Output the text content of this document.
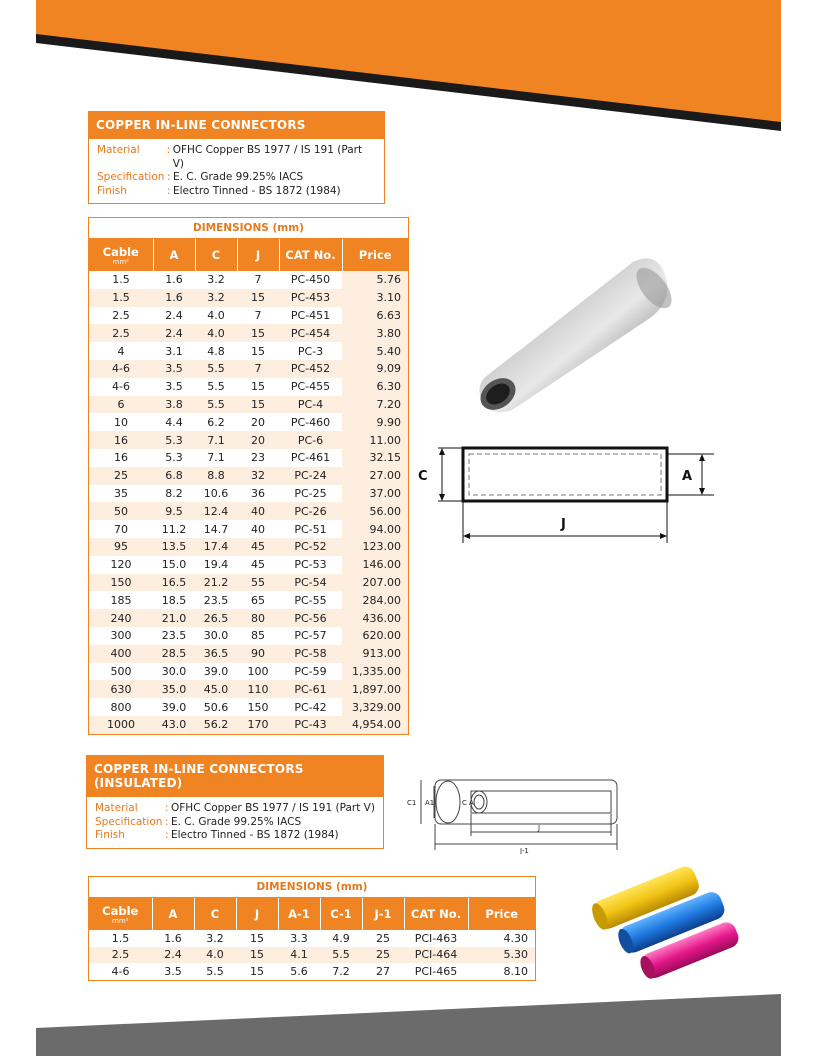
COPPER IN-LINE CONNECTORS
Material	: OFHC Copper BS 1977 / IS 191 (Part V)
Specification : E. C. Grade 99.25% IACS
Finish	: Electro Tinned - BS 1872 (1984)
DIMENSIONS (mm)
Cable
mm²	A	C	J	CAT No.	Price
1.5	1.6	3.2	7	PC-450	5.76
1.5	1.6	3.2	15	PC-453	3.10
2.5	2.4	4.0	7	PC-451	6.63
2.5	2.4	4.0	15	PC-454	3.80
4	3.1	4.8	15	PC-3	5.40
4-6	3.5	5.5	7	PC-452	9.09
4-6	3.5	5.5	15	PC-455	6.30
6	3.8	5.5	15	PC-4	7.20
10	4.4	6.2	20	PC-460	9.90
16	5.3	7.1	20	PC-6	11.00
16	5.3	7.1	23	PC-461	32.15
25	6.8	8.8	32	PC-24	27.00
35	8.2	10.6	36	PC-25	37.00
50	9.5	12.4	40	PC-26	56.00
70	11.2	14.7	40	PC-51	94.00
95	13.5	17.4	45	PC-52	123.00
120	15.0	19.4	45	PC-53	146.00
150	16.5	21.2	55	PC-54	207.00
185	18.5	23.5	65	PC-55	284.00
240	21.0	26.5	80	PC-56	436.00
300	23.5	30.0	85	PC-57	620.00
400	28.5	36.5	90	PC-58	913.00
500	30.0	39.0	100	PC-59	1,335.00
630	35.0	45.0	110	PC-61	1,897.00
800	39.0	50.6	150	PC-42	3,329.00
1000	43.0	56.2	170	PC-43	4,954.00
C	A
J
COPPER IN-LINE CONNECTORS
(INSULATED)
Material	: OFHC Copper BS 1977 / IS 191 (Part V)
Specification : E. C. Grade 99.25% IACS
Finish	: Electro Tinned - BS 1872 (1984)
C1 A1	C A
J
J-1
DIMENSIONS (mm)
Cable
mm²	A	C	J	A-1	C-1	J-1	CAT No.	Price
1.5	1.6	3.2	15	3.3	4.9	25	PCI-463	4.30
2.5	2.4	4.0	15	4.1	5.5	25	PCI-464	5.30
4-6	3.5	5.5	15	5.6	7.2	27	PCI-465	8.10
